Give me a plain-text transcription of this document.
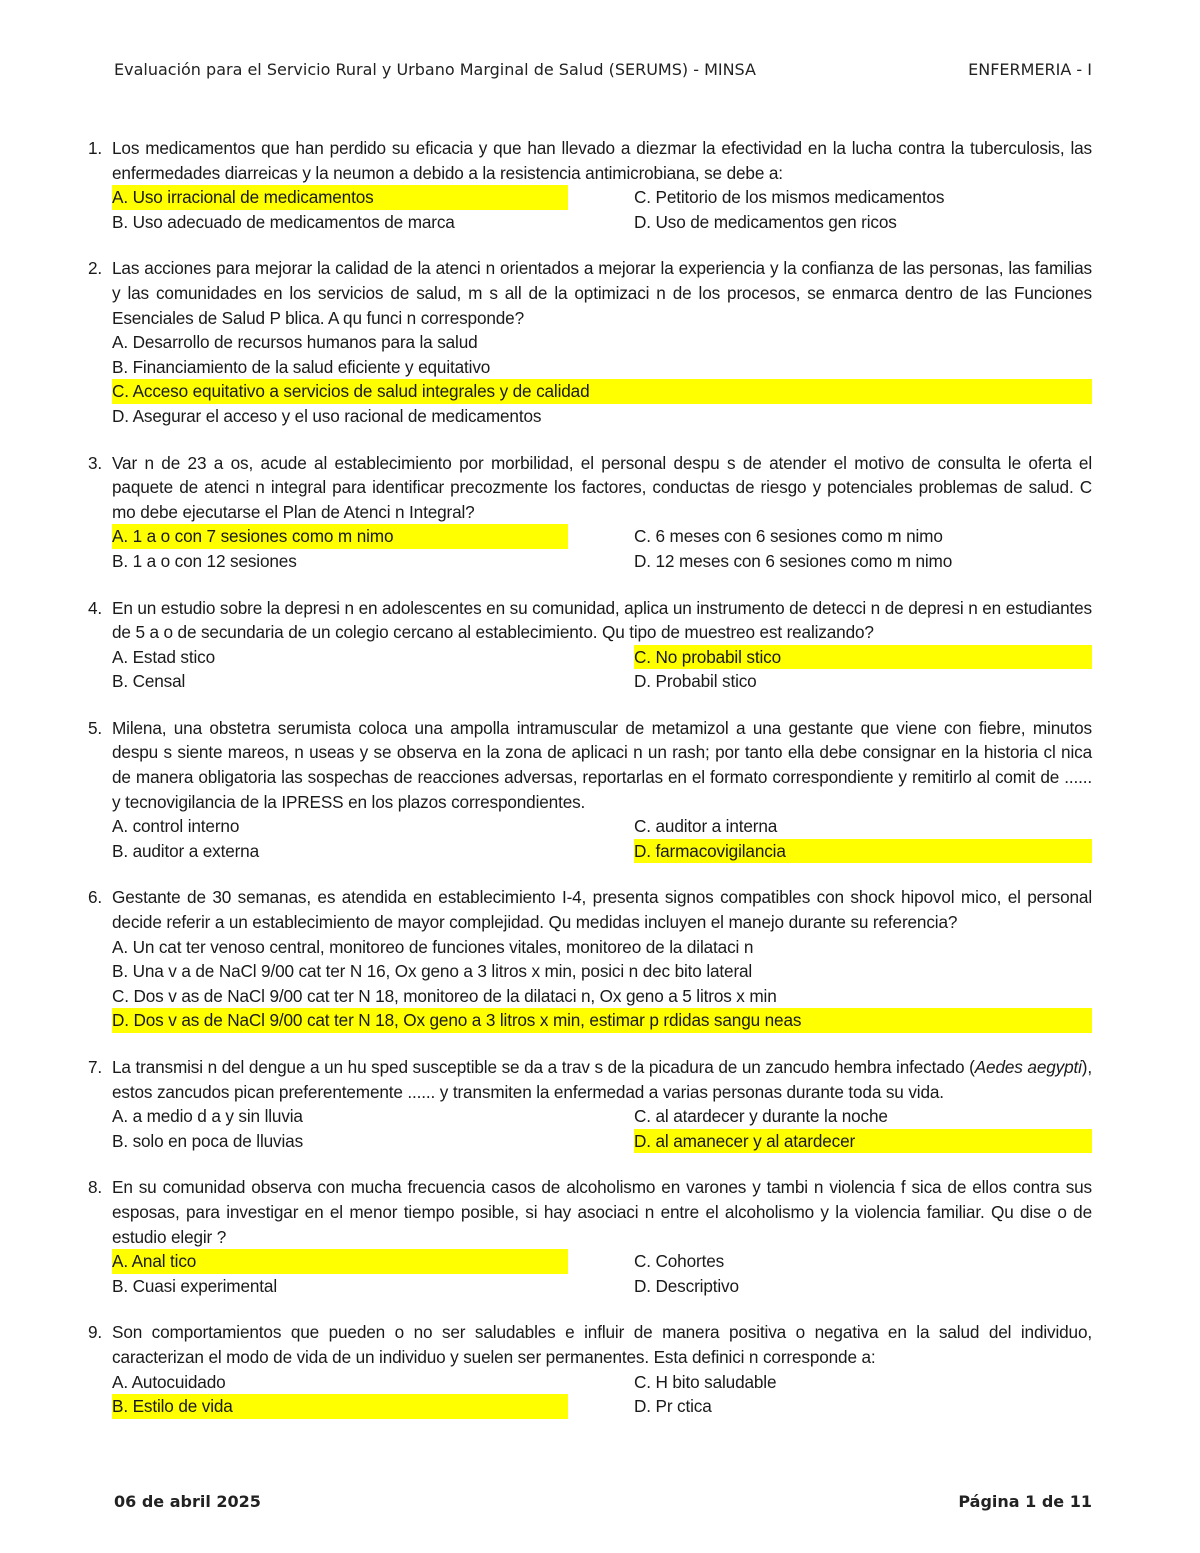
Evaluación para el Servicio Rural y Urbano Marginal de Salud (SERUMS) - MINSA	ENFERMERIA - I
1. Los medicamentos que han perdido su eficacia y que han llevado a diezmar la efectividad en la lucha contra la tuberculosis, las enfermedades diarreicas y la neumon a debido a la resistencia antimicrobiana, se debe a:
A. Uso irracional de medicamentos	C. Petitorio de los mismos medicamentos
B. Uso adecuado de medicamentos de marca	D. Uso de medicamentos gen ricos
2. Las acciones para mejorar la calidad de la atenci n orientados a mejorar la experiencia y la confianza de las personas, las familias y las comunidades en los servicios de salud, m s all de la optimizaci n de los procesos, se enmarca dentro de las Funciones Esenciales de Salud P blica. A qu funci n corresponde?
A. Desarrollo de recursos humanos para la salud
B. Financiamiento de la salud eficiente y equitativo
C. Acceso equitativo a servicios de salud integrales y de calidad
D. Asegurar el acceso y el uso racional de medicamentos
3. Var n de 23 a os, acude al establecimiento por morbilidad, el personal despu s de atender el motivo de consulta le oferta el paquete de atenci n integral para identificar precozmente los factores, conductas de riesgo y potenciales problemas de salud. C mo debe ejecutarse el Plan de Atenci n Integral?
A. 1 a o con 7 sesiones como m nimo	C. 6 meses con 6 sesiones como m nimo
B. 1 a o con 12 sesiones	D. 12 meses con 6 sesiones como m nimo
4. En un estudio sobre la depresi n en adolescentes en su comunidad, aplica un instrumento de detecci n de depresi n en estudiantes de 5 a o de secundaria de un colegio cercano al establecimiento. Qu tipo de muestreo est realizando?
A. Estad stico	C. No probabil stico
B. Censal	D. Probabil stico
5. Milena, una obstetra serumista coloca una ampolla intramuscular de metamizol a una gestante que viene con fiebre, minutos despu s siente mareos, n useas y se observa en la zona de aplicaci n un rash; por tanto ella debe consignar en la historia cl nica de manera obligatoria las sospechas de reacciones adversas, reportarlas en el formato correspondiente y remitirlo al comit de ...... y tecnovigilancia de la IPRESS en los plazos correspondientes.
A. control interno	C. auditor a interna
B. auditor a externa	D. farmacovigilancia
6. Gestante de 30 semanas, es atendida en establecimiento I-4, presenta signos compatibles con shock hipovol mico, el personal decide referir a un establecimiento de mayor complejidad. Qu medidas incluyen el manejo durante su referencia?
A. Un cat ter venoso central, monitoreo de funciones vitales, monitoreo de la dilataci n
B. Una v a de NaCl 9/00 cat ter N 16, Ox geno a 3 litros x min, posici n dec bito lateral
C. Dos v as de NaCl 9/00 cat ter N 18, monitoreo de la dilataci n, Ox geno a 5 litros x min
D. Dos v as de NaCl 9/00 cat ter N 18, Ox geno a 3 litros x min, estimar p rdidas sangu neas
7. La transmisi n del dengue a un hu sped susceptible se da a trav s de la picadura de un zancudo hembra infectado (Aedes aegypti), estos zancudos pican preferentemente ...... y transmiten la enfermedad a varias personas durante toda su vida.
A. a medio d a y sin lluvia	C. al atardecer y durante la noche
B. solo en poca de lluvias	D. al amanecer y al atardecer
8. En su comunidad observa con mucha frecuencia casos de alcoholismo en varones y tambi n violencia f sica de ellos contra sus esposas, para investigar en el menor tiempo posible, si hay asociaci n entre el alcoholismo y la violencia familiar. Qu dise o de estudio elegir ?
A. Anal tico	C. Cohortes
B. Cuasi experimental	D. Descriptivo
9. Son comportamientos que pueden o no ser saludables e influir de manera positiva o negativa en la salud del individuo, caracterizan el modo de vida de un individuo y suelen ser permanentes. Esta definici n corresponde a:
A. Autocuidado	C. H bito saludable
B. Estilo de vida	D. Pr ctica
06 de abril 2025	Página 1 de 11
